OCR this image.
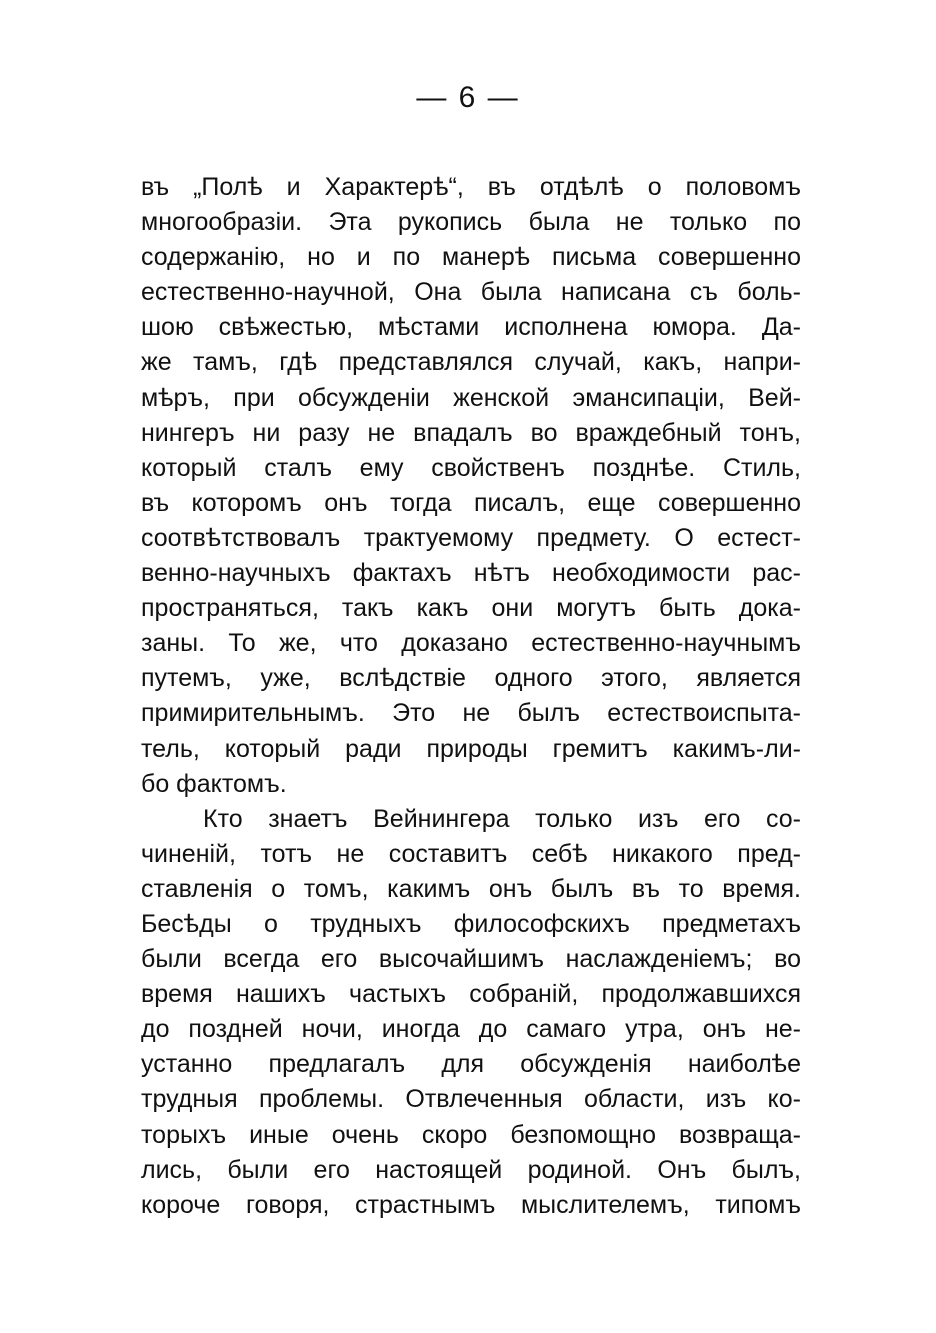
— 6 —
въ „Полѣ и Характерѣ“, въ отдѣлѣ о половомъ
многообразіи. Эта рукопись была не только по
содержанію, но и по манерѣ письма совершенно
естественно-научной, Она была написана съ боль-
шою свѣжестью, мѣстами исполнена юмора. Да-
же тамъ, гдѣ представлялся случай, какъ, напри-
мѣръ, при обсужденіи женской эмансипаціи, Вей-
нингеръ ни разу не впадалъ во враждебный тонъ,
который сталъ ему свойственъ позднѣе. Стиль,
въ которомъ онъ тогда писалъ, еще совершенно
соотвѣтствовалъ трактуемому предмету. О естест-
венно-научныхъ фактахъ нѣтъ необходимости рас-
пространяться, такъ какъ они могутъ быть дока-
заны. То же, что доказано естественно-научнымъ
путемъ, уже, вслѣдствіе одного этого, является
примирительнымъ. Это не былъ естествоиспыта-
тель, который ради природы гремитъ какимъ-ли-
бо фактомъ.
Кто знаетъ Вейнингера только изъ его со-
чиненій, тотъ не составитъ себѣ никакого пред-
ставленія о томъ, какимъ онъ былъ въ то время.
Бесѣды о трудныхъ философскихъ предметахъ
были всегда его высочайшимъ наслажденіемъ; во
время нашихъ частыхъ собраній, продолжавшихся
до поздней ночи, иногда до самаго утра, онъ не-
устанно предлагалъ для обсужденія наиболѣе
трудныя проблемы. Отвлеченныя области, изъ ко-
торыхъ иные очень скоро безпомощно возвраща-
лись, были его настоящей родиной. Онъ былъ,
короче говоря, страстнымъ мыслителемъ, типомъ
